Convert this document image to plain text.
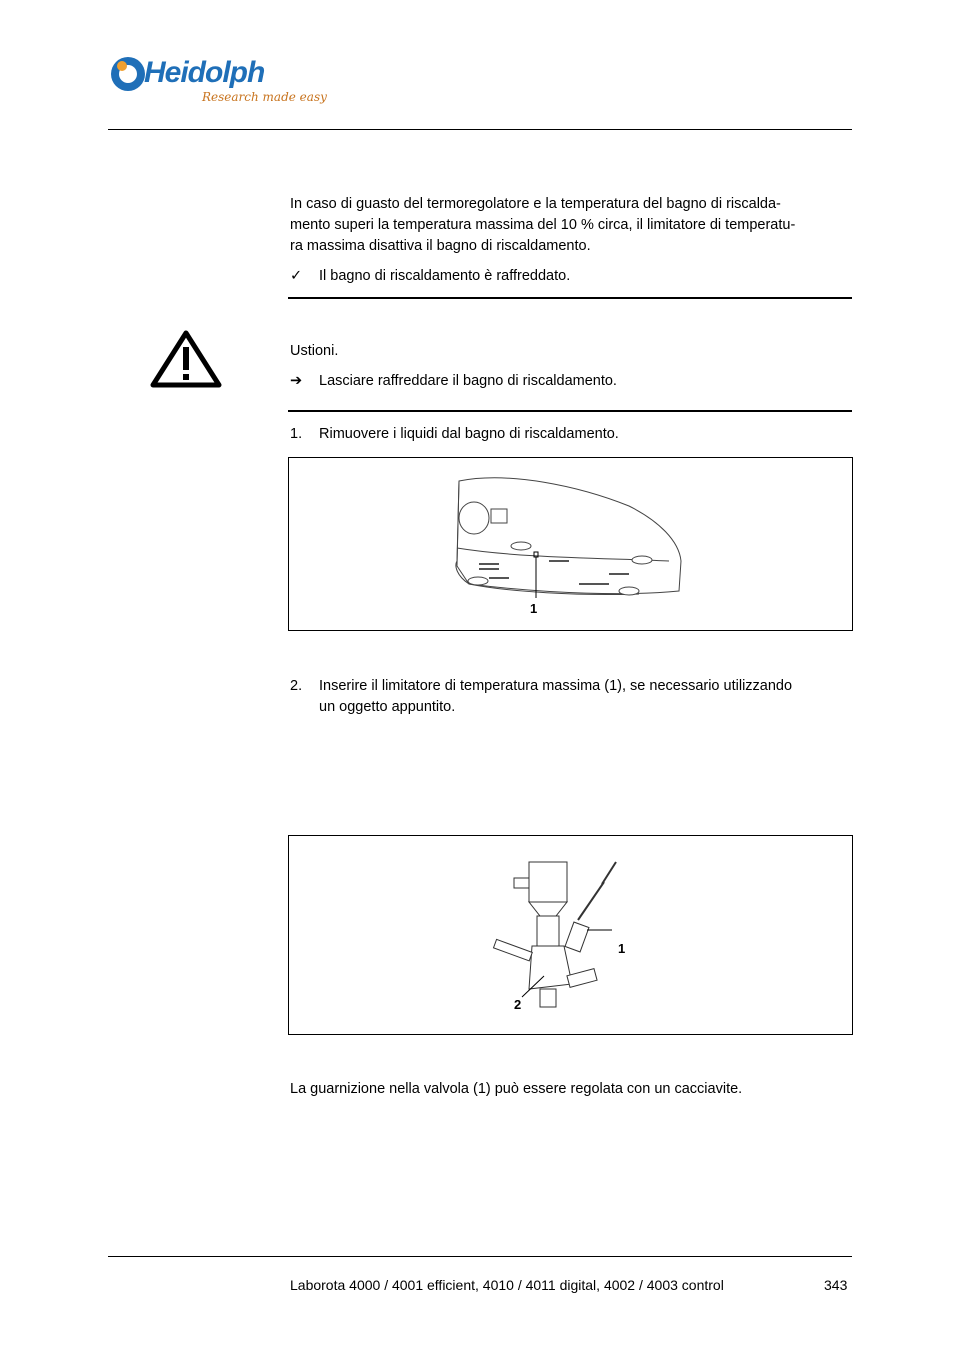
Heidolph
Research made easy
In caso di guasto del termoregolatore e la temperatura del bagno di riscalda-
mento superi la temperatura massima del 10 % circa, il limitatore di temperatu-
ra massima disattiva il bagno di riscaldamento.
✓ Il bagno di riscaldamento è raffreddato.
Ustioni.
➔ Lasciare raffreddare il bagno di riscaldamento.
1. Rimuovere i liquidi dal bagno di riscaldamento.
1
2. Inserire il limitatore di temperatura massima (1), se necessario utilizzando
un oggetto appuntito.
1
2
La guarnizione nella valvola (1) può essere regolata con un cacciavite.
Laborota 4000 / 4001 efficient, 4010 / 4011 digital, 4002 / 4003 control	343
